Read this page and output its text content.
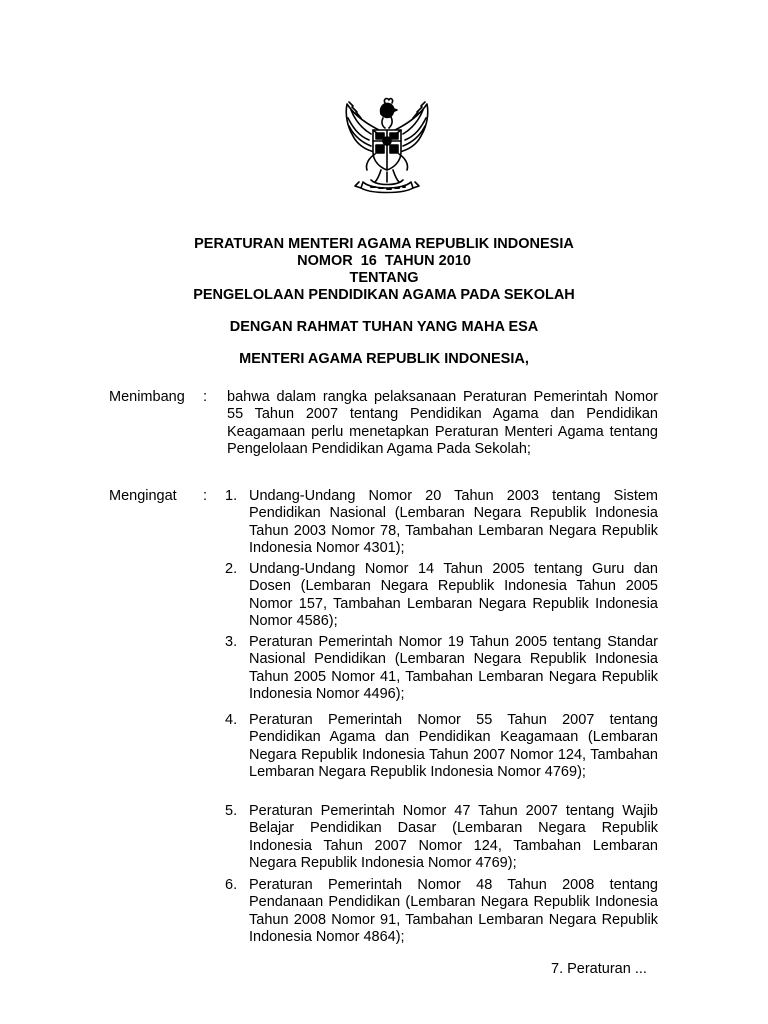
PERATURAN MENTERI AGAMA REPUBLIK INDONESIA
NOMOR  16  TAHUN 2010
TENTANG
PENGELOLAAN PENDIDIKAN AGAMA PADA SEKOLAH
DENGAN RAHMAT TUHAN YANG MAHA ESA
MENTERI AGAMA REPUBLIK INDONESIA,
Menimbang : bahwa dalam rangka pelaksanaan Peraturan Pemerintah Nomor 55 Tahun 2007 tentang Pendidikan Agama dan Pendidikan Keagamaan perlu menetapkan Peraturan Menteri Agama tentang Pengelolaan Pendidikan Agama Pada Sekolah;
Mengingat : 1. Undang-Undang Nomor 20 Tahun 2003 tentang Sistem Pendidikan Nasional (Lembaran Negara Republik Indonesia Tahun 2003 Nomor 78, Tambahan Lembaran Negara Republik Indonesia Nomor 4301);
2. Undang-Undang Nomor 14 Tahun 2005 tentang Guru dan Dosen (Lembaran Negara Republik Indonesia Tahun 2005 Nomor 157, Tambahan Lembaran Negara Republik Indonesia Nomor 4586);
3. Peraturan Pemerintah Nomor 19 Tahun 2005 tentang Standar Nasional Pendidikan (Lembaran Negara Republik Indonesia Tahun 2005 Nomor 41, Tambahan Lembaran Negara Republik Indonesia Nomor 4496);
4. Peraturan Pemerintah Nomor 55 Tahun 2007 tentang Pendidikan Agama dan Pendidikan Keagamaan (Lembaran Negara Republik Indonesia Tahun 2007 Nomor 124, Tambahan Lembaran Negara Republik Indonesia Nomor 4769);
5. Peraturan Pemerintah Nomor 47 Tahun 2007 tentang Wajib Belajar Pendidikan Dasar (Lembaran Negara Republik Indonesia Tahun 2007 Nomor 124, Tambahan Lembaran Negara Republik Indonesia Nomor 4769);
6. Peraturan Pemerintah Nomor 48 Tahun 2008 tentang Pendanaan Pendidikan (Lembaran Negara Republik Indonesia Tahun 2008 Nomor 91, Tambahan Lembaran Negara Republik Indonesia Nomor 4864);
7. Peraturan ...
